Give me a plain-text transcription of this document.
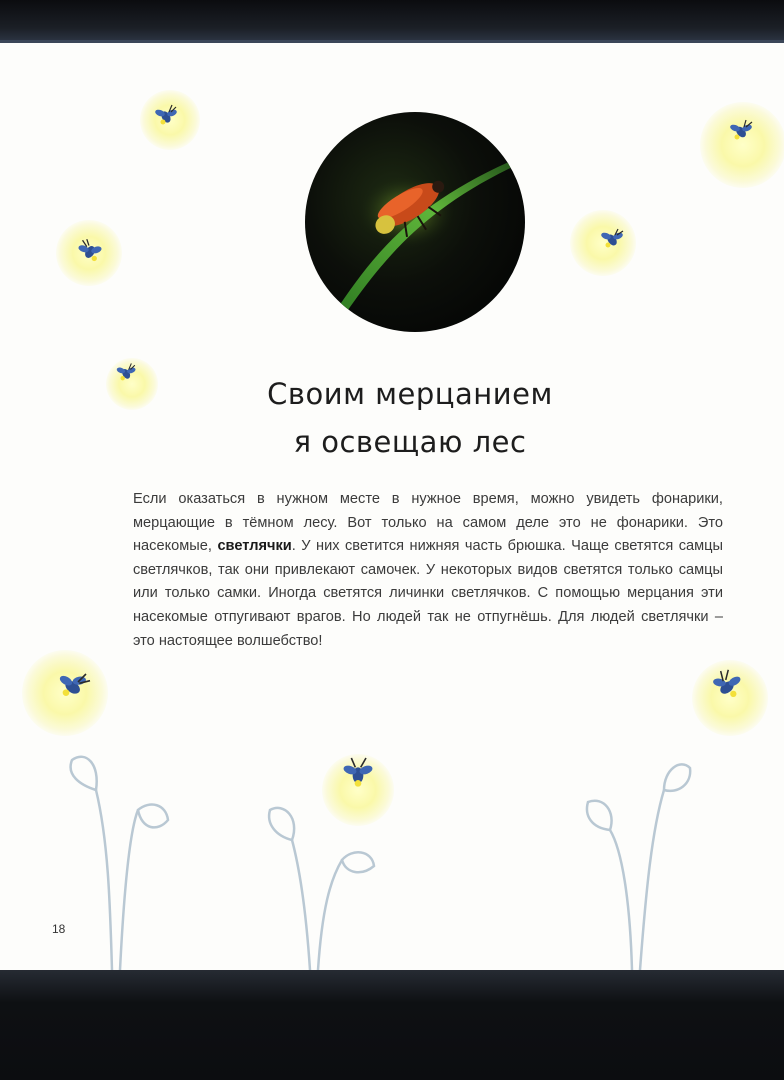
Своим мерцанием
я освещаю лес
Если оказаться в нужном месте в нужное время, можно увидеть фонарики, мерцающие в тёмном лесу. Вот только на самом деле это не фонарики. Это насекомые, светлячки. У них светится нижняя часть брюшка. Чаще светятся самцы светлячков, так они привлекают самочек. У некоторых видов светятся только самцы или только самки. Иногда светятся личинки светлячков. С помощью мерцания эти насекомые отпугивают врагов. Но людей так не отпугнёшь. Для людей светлячки – это настоящее волшебство!
18
